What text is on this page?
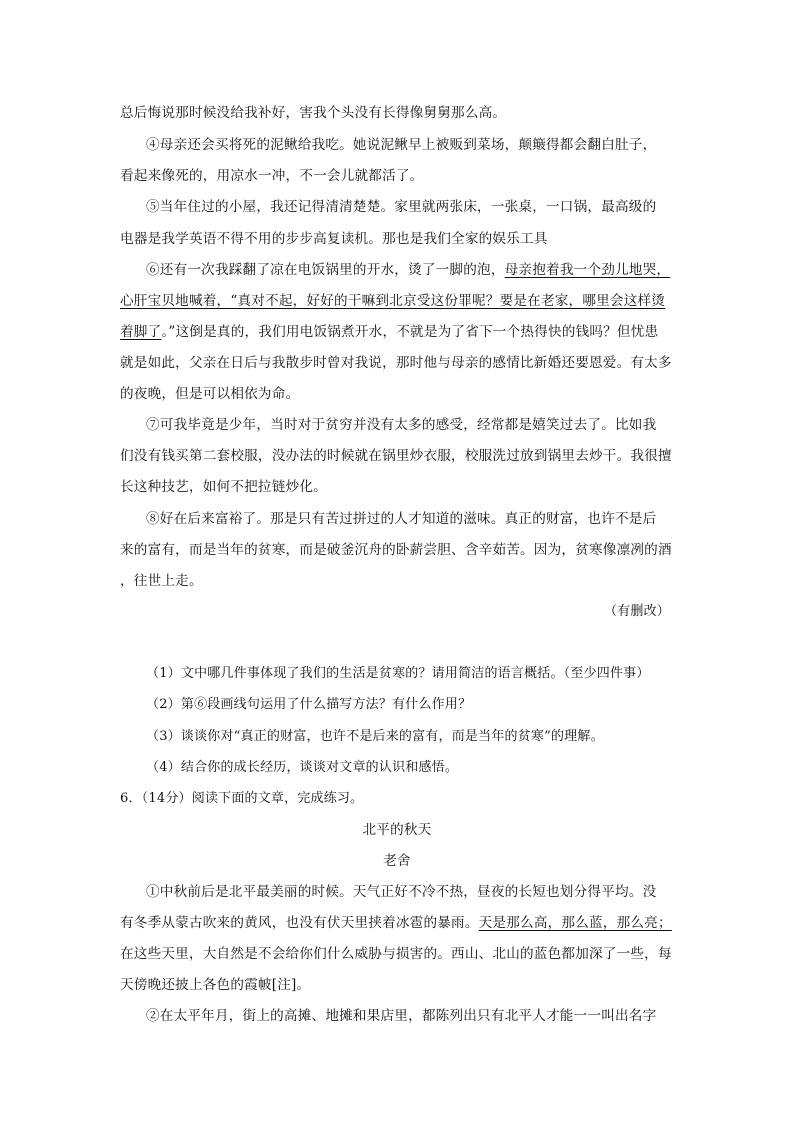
总后悔说那时候没给我补好，害我个头没有长得像舅舅那么高。
④母亲还会买将死的泥鳅给我吃。她说泥鳅早上被贩到菜场，颠簸得都会翻白肚子，
看起来像死的，用凉水一冲，不一会儿就都活了。
⑤当年住过的小屋，我还记得清清楚楚。家里就两张床，一张桌，一口锅，最高级的
电器是我学英语不得不用的步步高复读机。那也是我们全家的娱乐工具
⑥还有一次我踩翻了凉在电饭锅里的开水，烫了一脚的泡，母亲抱着我一个劲儿地哭，
心肝宝贝地喊着，“真对不起，好好的干嘛到北京受这份罪呢？要是在老家，哪里会这样烫
着脚了。”这倒是真的，我们用电饭锅煮开水，不就是为了省下一个热得快的钱吗？但忧患
就是如此，父亲在日后与我散步时曾对我说，那时他与母亲的感情比新婚还要恩爱。有太多
的夜晚，但是可以相依为命。
⑦可我毕竟是少年，当时对于贫穷并没有太多的感受，经常都是嬉笑过去了。比如我
们没有钱买第二套校服，没办法的时候就在锅里炒衣服，校服洗过放到锅里去炒干。我很擅
长这种技艺，如何不把拉链炒化。
⑧好在后来富裕了。那是只有苦过拼过的人才知道的滋味。真正的财富，也许不是后
来的富有，而是当年的贫寒，而是破釜沉舟的卧薪尝胆、含辛茹苦。因为，贫寒像凛冽的酒
，往世上走。
（有删改）
（1）文中哪几件事体现了我们的生活是贫寒的？请用简洁的语言概括。（至少四件事）
（2）第⑥段画线句运用了什么描写方法？有什么作用？
（3）谈谈你对“真正的财富，也许不是后来的富有，而是当年的贫寒”的理解。
（4）结合你的成长经历，谈谈对文章的认识和感悟。
6．（14分）阅读下面的文章，完成练习。
北平的秋天
老舍
①中秋前后是北平最美丽的时候。天气正好不冷不热，昼夜的长短也划分得平均。没
有冬季从蒙古吹来的黄风，也没有伏天里挟着冰雹的暴雨。天是那么高，那么蓝，那么亮；
在这些天里，大自然是不会给你们什么威胁与损害的。西山、北山的蓝色都加深了一些，每
天傍晚还披上各色的霞帔[注]。
②在太平年月，街上的高摊、地摊和果店里，都陈列出只有北平人才能一一叫出名字
